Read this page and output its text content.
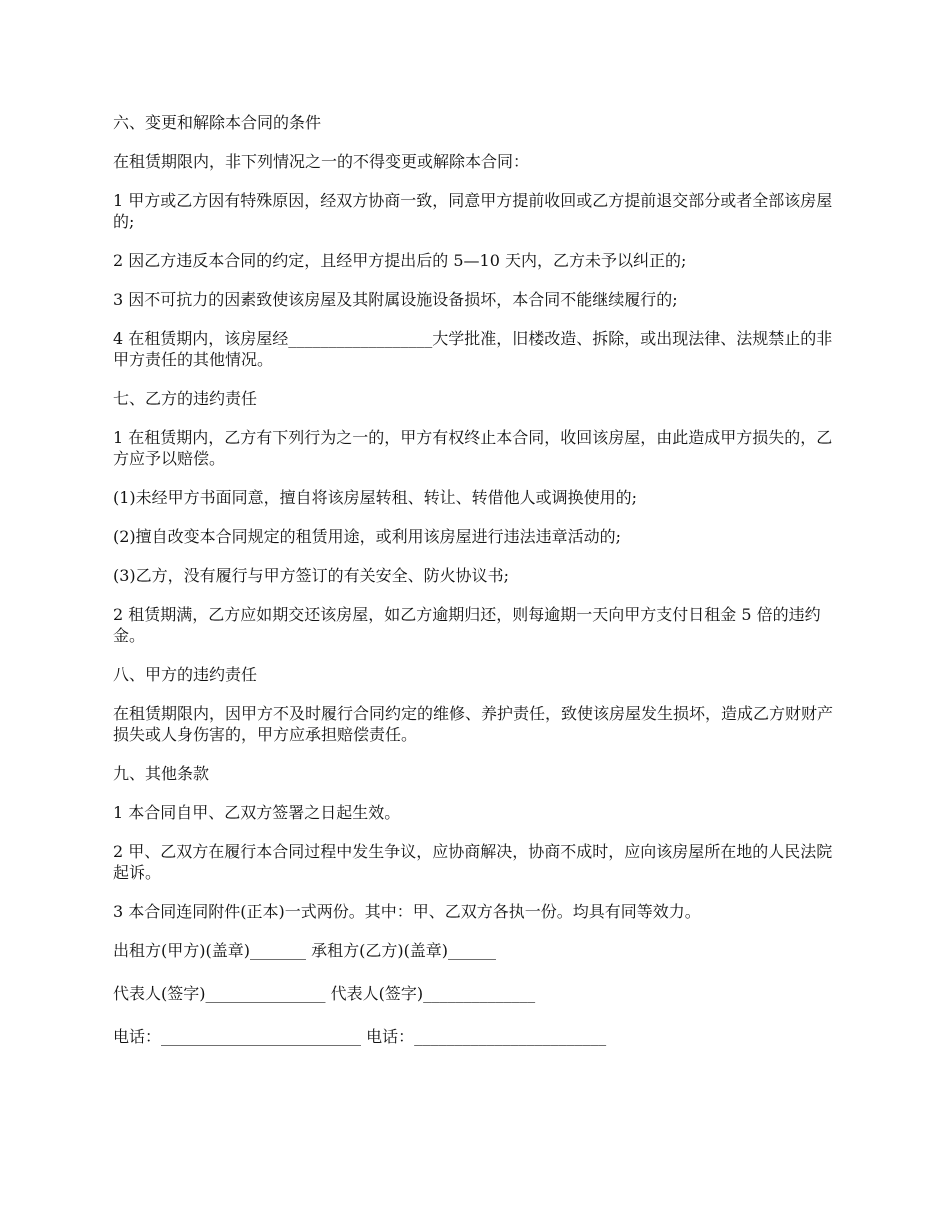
六、变更和解除本合同的条件

在租赁期限内，非下列情况之一的不得变更或解除本合同：

1 甲方或乙方因有特殊原因，经双方协商一致，同意甲方提前收回或乙方提前退交部分或者全部该房屋的;

2 因乙方违反本合同的约定，且经甲方提出后的 5—10 天内，乙方未予以纠正的;

3 因不可抗力的因素致使该房屋及其附属设施设备损坏，本合同不能继续履行的;

4 在租赁期内，该房屋经__________________大学批准，旧楼改造、拆除，或出现法律、法规禁止的非甲方责任的其他情况。

七、乙方的违约责任

1 在租赁期内，乙方有下列行为之一的，甲方有权终止本合同，收回该房屋，由此造成甲方损失的，乙方应予以赔偿。

(1)未经甲方书面同意，擅自将该房屋转租、转让、转借他人或调换使用的;

(2)擅自改变本合同规定的租赁用途，或利用该房屋进行违法违章活动的;

(3)乙方，没有履行与甲方签订的有关安全、防火协议书;

2 租赁期满，乙方应如期交还该房屋，如乙方逾期归还，则每逾期一天向甲方支付日租金 5 倍的违约金。

八、甲方的违约责任

在租赁期限内，因甲方不及时履行合同约定的维修、养护责任，致使该房屋发生损坏，造成乙方财财产损失或人身伤害的，甲方应承担赔偿责任。

九、其他条款

1 本合同自甲、乙双方签署之日起生效。

2 甲、乙双方在履行本合同过程中发生争议，应协商解决，协商不成时，应向该房屋所在地的人民法院起诉。

3 本合同连同附件(正本)一式两份。其中：甲、乙双方各执一份。均具有同等效力。

出租方(甲方)(盖章)_______ 承租方(乙方)(盖章)______
代表人(签字)_______________ 代表人(签字)______________
电话：_________________________ 电话：________________________
